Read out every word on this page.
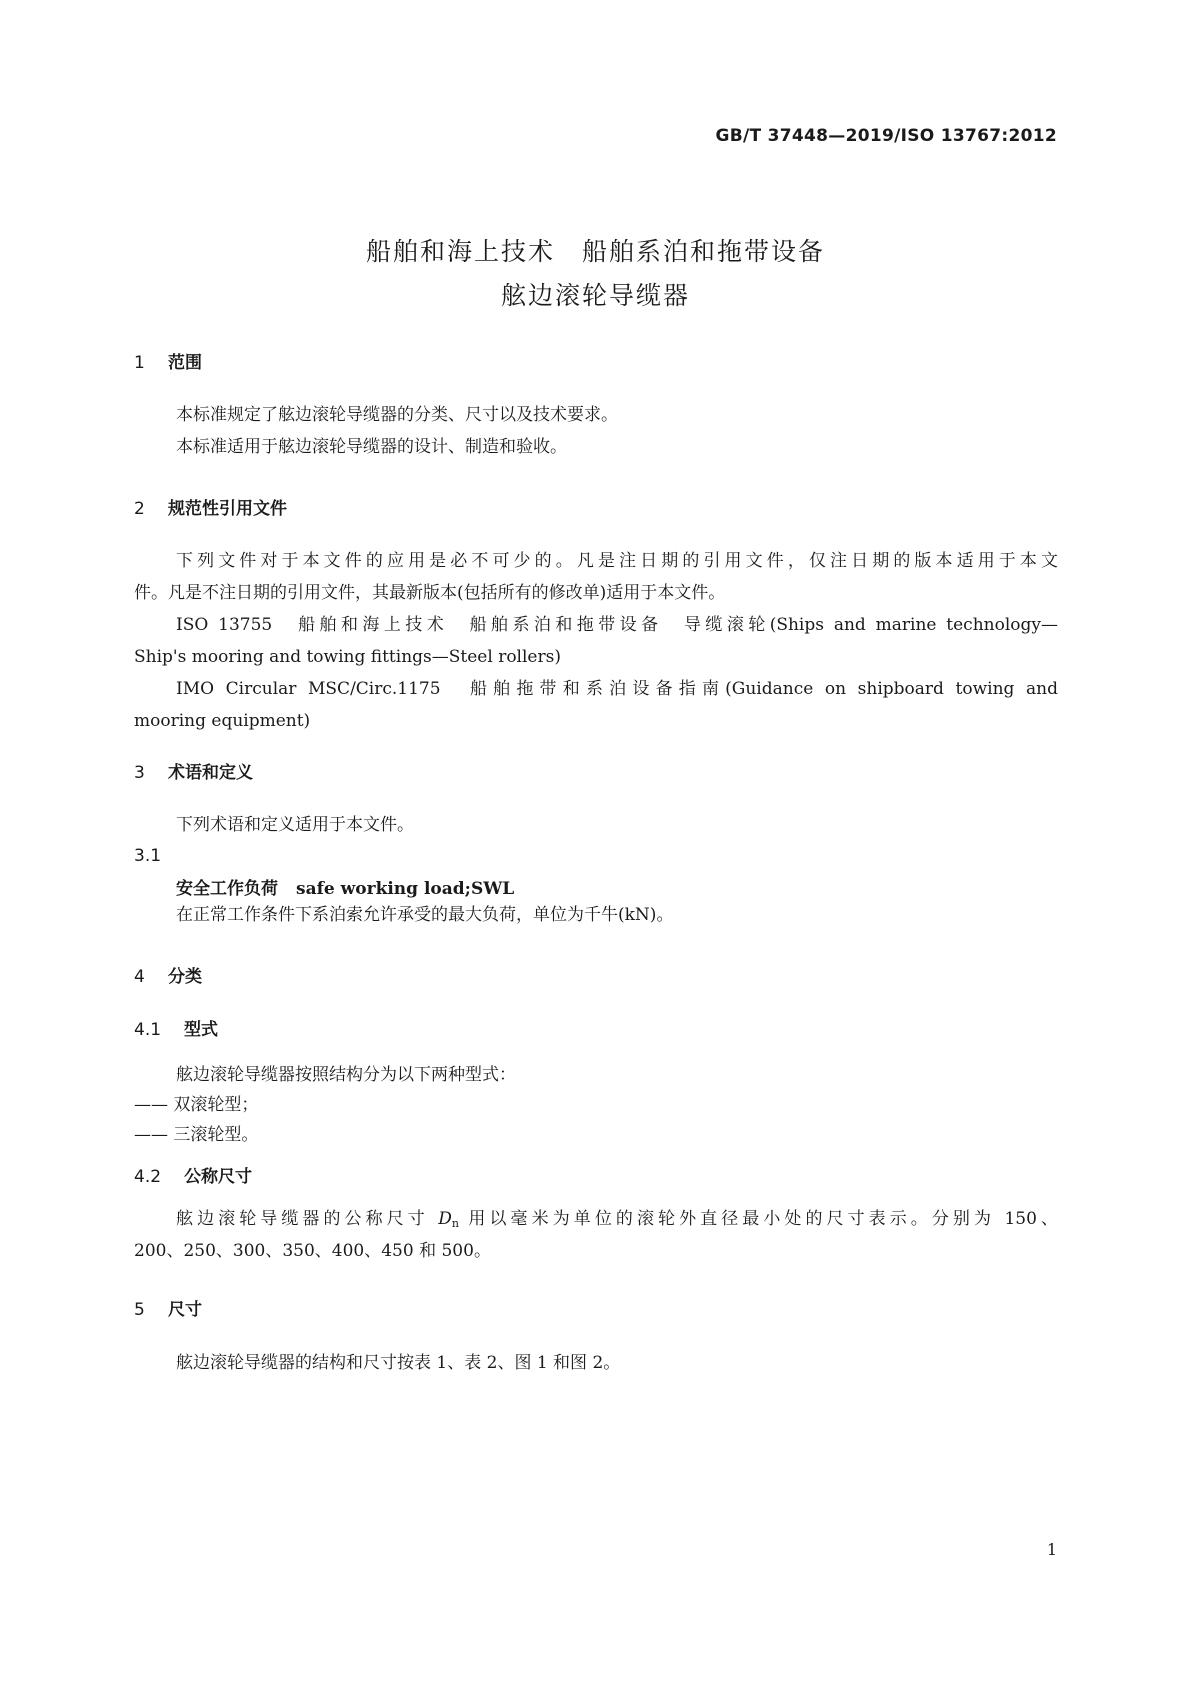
GB/T 37448—2019/ISO 13767:2012
船舶和海上技术　船舶系泊和拖带设备
舷边滚轮导缆器
1 范围
本标准规定了舷边滚轮导缆器的分类、尺寸以及技术要求。
本标准适用于舷边滚轮导缆器的设计、制造和验收。
2 规范性引用文件
下列文件对于本文件的应用是必不可少的。凡是注日期的引用文件，仅注日期的版本适用于本文
件。凡是不注日期的引用文件，其最新版本(包括所有的修改单)适用于本文件。
ISO 13755　船舶和海上技术　船舶系泊和拖带设备　导缆滚轮(Ships and marine technology—
Ship's mooring and towing fittings—Steel rollers)
IMO Circular MSC/Circ.1175　船舶拖带和系泊设备指南(Guidance on shipboard towing and
mooring equipment)
3 术语和定义
下列术语和定义适用于本文件。
3.1
安全工作负荷 safe working load;SWL
在正常工作条件下系泊索允许承受的最大负荷，单位为千牛(kN)。
4 分类
4.1 型式
舷边滚轮导缆器按照结构分为以下两种型式：
—— 双滚轮型；
—— 三滚轮型。
4.2 公称尺寸
舷边滚轮导缆器的公称尺寸 Dn 用以毫米为单位的滚轮外直径最小处的尺寸表示。分别为 150、
200、250、300、350、400、450 和 500。
5 尺寸
舷边滚轮导缆器的结构和尺寸按表 1、表 2、图 1 和图 2。
1
